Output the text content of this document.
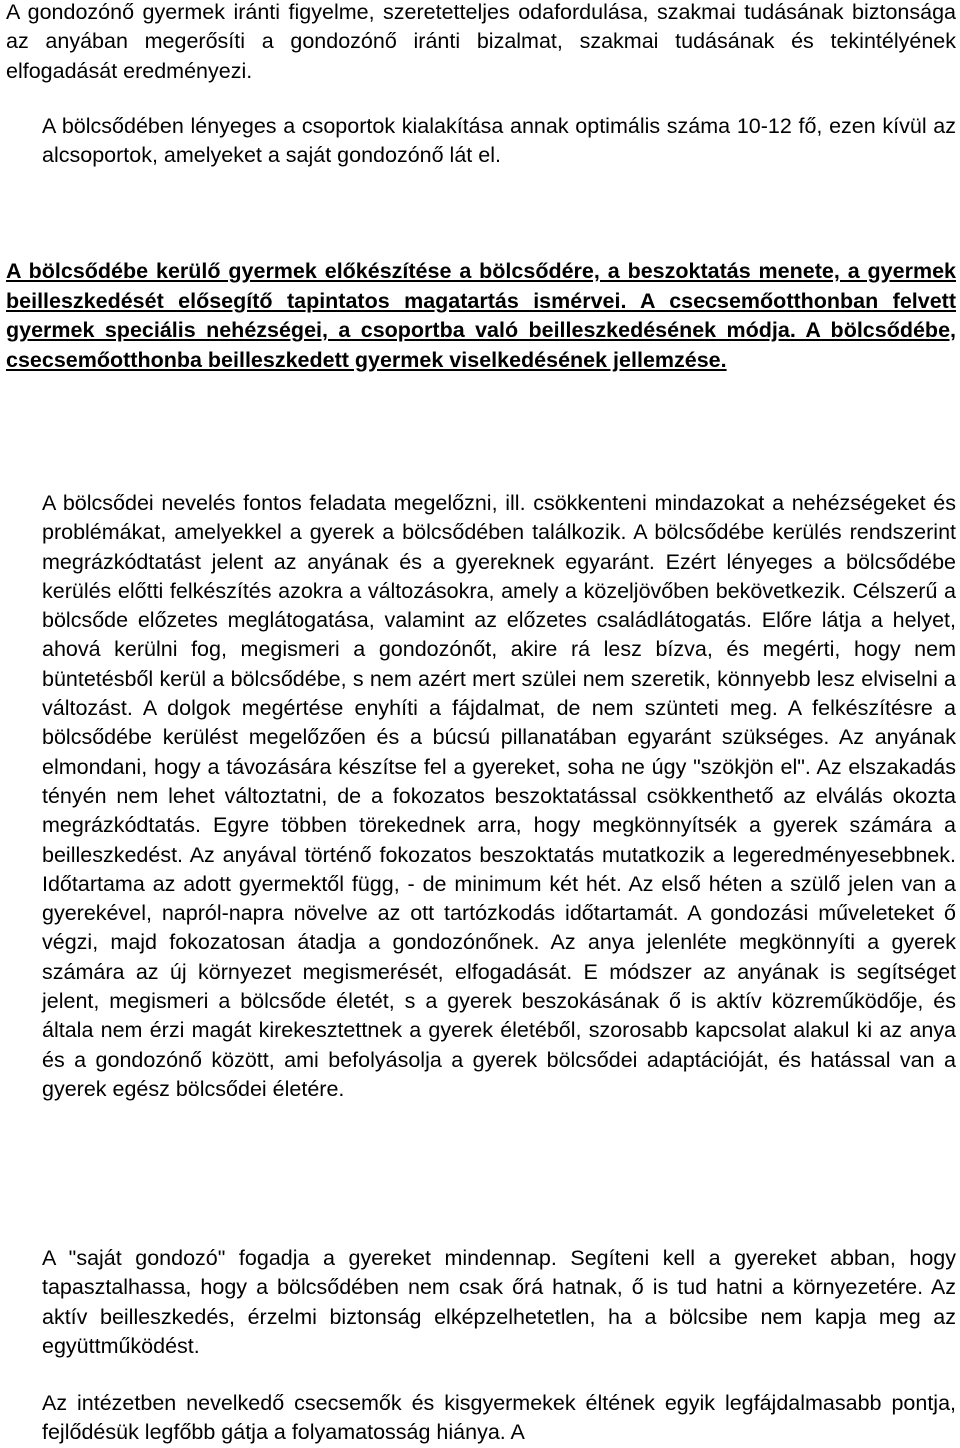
A gondozónő gyermek iránti figyelme, szeretetteljes odafordulása, szakmai tudásának biztonsága az anyában megerősíti a gondozónő iránti bizalmat, szakmai tudásának és tekintélyének elfogadását eredményezi.

A bölcsődében lényeges a csoportok kialakítása annak optimális száma 10-12 fő, ezen kívül az alcsoportok, amelyeket a saját gondozónő lát el.

A bölcsődébe kerülő gyermek előkészítése a bölcsődére, a beszoktatás menete, a gyermek beilleszkedését elősegítő tapintatos magatartás ismérvei. A csecsemőotthonban felvett gyermek speciális nehézségei, a csoportba való beilleszkedésének módja. A bölcsődébe, csecsemőotthonba beilleszkedett gyermek viselkedésének jellemzése.

A bölcsődei nevelés fontos feladata megelőzni, ill. csökkenteni mindazokat a nehézségeket és problémákat, amelyekkel a gyerek a bölcsődében találkozik. A bölcsődébe kerülés rendszerint megrázkódtatást jelent az anyának és a gyereknek egyaránt. Ezért lényeges a bölcsődébe kerülés előtti felkészítés azokra a változásokra, amely a közeljövőben bekövetkezik. Célszerű a bölcsőde előzetes meglátogatása, valamint az előzetes családlátogatás. Előre látja a helyet, ahová kerülni fog, megismeri a gondozónőt, akire rá lesz bízva, és megérti, hogy nem büntetésből kerül a bölcsődébe, s nem azért mert szülei nem szeretik, könnyebb lesz elviselni a változást. A dolgok megértése enyhíti a fájdalmat, de nem szünteti meg. A felkészítésre a bölcsődébe kerülést megelőzően és a búcsú pillanatában egyaránt szükséges. Az anyának elmondani, hogy a távozására készítse fel a gyereket, soha ne úgy "szökjön el". Az elszakadás tényén nem lehet változtatni, de a fokozatos beszoktatással csökkenthető az elválás okozta megrázkódtatás. Egyre többen törekednek arra, hogy megkönnyítsék a gyerek számára a beilleszkedést. Az anyával történő fokozatos beszoktatás mutatkozik a legeredményesebbnek. Időtartama az adott gyermektől függ, - de minimum két hét. Az első héten a szülő jelen van a gyerekével, napról-napra növelve az ott tartózkodás időtartamát. A gondozási műveleteket ő végzi, majd fokozatosan átadja a gondozónőnek. Az anya jelenléte megkönnyíti a gyerek számára az új környezet megismerését, elfogadását. E módszer az anyának is segítséget jelent, megismeri a bölcsőde életét, s a gyerek beszokásának ő is aktív közreműködője, és általa nem érzi magát kirekesztettnek a gyerek életéből, szorosabb kapcsolat alakul ki az anya és a gondozónő között, ami befolyásolja a gyerek bölcsődei adaptációját, és hatással van a gyerek egész bölcsődei életére.

A "saját gondozó" fogadja a gyereket mindennap. Segíteni kell a gyereket abban, hogy tapasztalhassa, hogy a bölcsődében nem csak őrá hatnak, ő is tud hatni a környezetére. Az aktív beilleszkedés, érzelmi biztonság elképzelhetetlen, ha a bölcsibe nem kapja meg az együttműködést.

Az intézetben nevelkedő csecsemők és kisgyermekek éltének egyik legfájdalmasabb pontja, fejlődésük legfőbb gátja a folyamatosság hiánya. A
